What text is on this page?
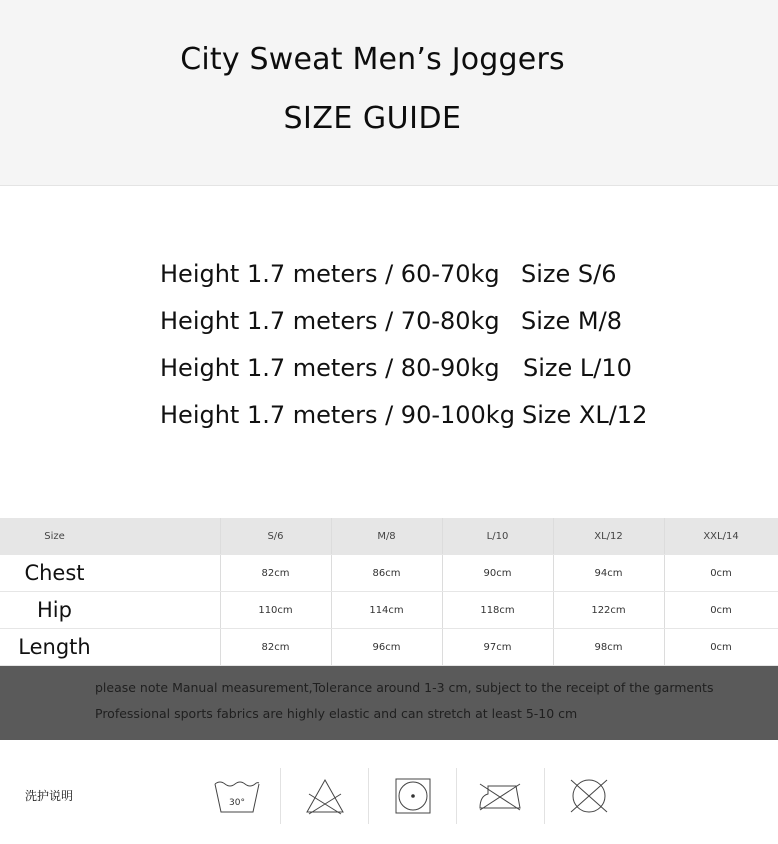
City Sweat Men’s Joggers
SIZE GUIDE
Height 1.7 meters / 60-70kg Size S/6
Height 1.7 meters / 70-80kg Size M/8
Height 1.7 meters / 80-90kg Size L/10
Height 1.7 meters / 90-100kg Size XL/12
Size		S/6	M/8	L/10	XL/12	XXL/14
Chest		82cm	86cm	90cm	94cm	0cm
Hip		110cm	114cm	118cm	122cm	0cm
Length		82cm	96cm	97cm	98cm	0cm
please note Manual measurement,Tolerance around 1-3 cm, subject to the receipt of the garments
Professional sports fabrics are highly elastic and can stretch at least 5-10 cm
洗护说明	30°
